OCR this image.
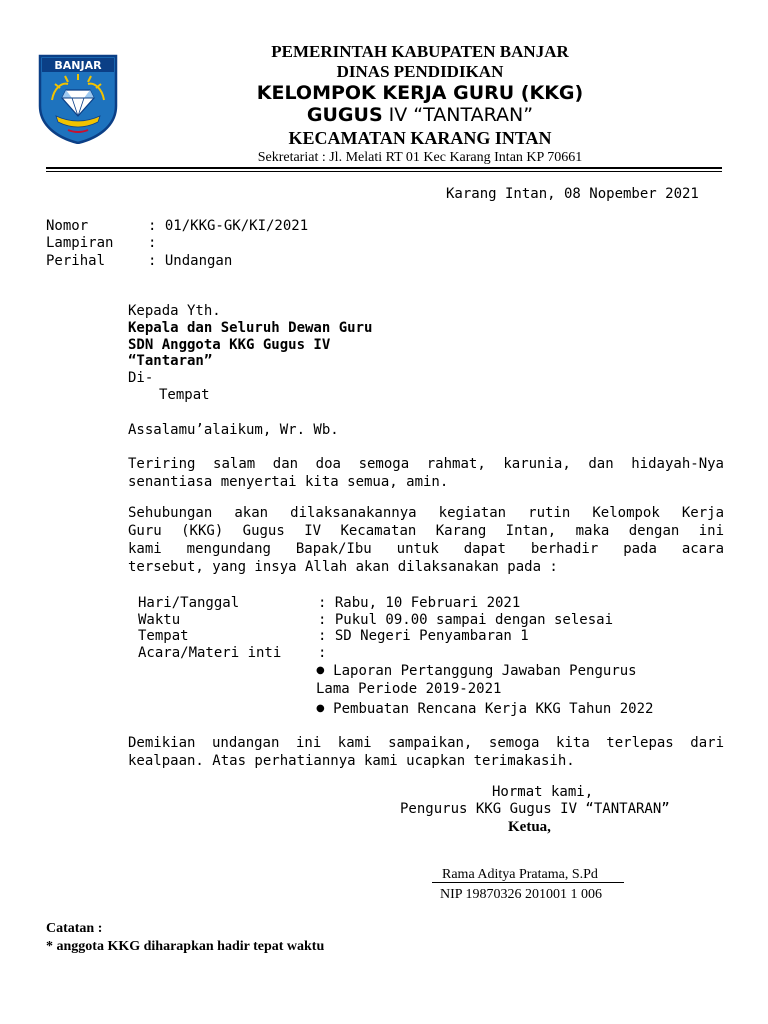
BANJAR
PEMERINTAH KABUPATEN BANJAR
DINAS PENDIDIKAN
KELOMPOK KERJA GURU (KKG)
GUGUS IV “TANTARAN”
KECAMATAN KARANG INTAN
Sekretariat : Jl. Melati RT 01 Kec Karang Intan KP 70661
Karang Intan, 08 Nopember 2021
Nomor	: 01/KKG-GK/KI/2021
Lampiran :
Perihal	: Undangan
Kepada Yth.
Kepala dan Seluruh Dewan Guru
SDN Anggota KKG Gugus IV
“Tantaran”
Di-
Tempat
Assalamu’alaikum, Wr. Wb.
Teriring salam dan doa semoga rahmat, karunia, dan hidayah-Nya
senantiasa menyertai kita semua, amin.
Sehubungan akan dilaksanakannya kegiatan rutin Kelompok Kerja
Guru (KKG) Gugus IV Kecamatan Karang Intan, maka dengan ini
kami mengundang Bapak/Ibu untuk dapat berhadir pada acara
tersebut, yang insya Allah akan dilaksanakan pada :
Hari/Tanggal	: Rabu, 10 Februari 2021
Waktu	: Pukul 09.00 sampai dengan selesai
Tempat	: SD Negeri Penyambaran 1
Acara/Materi inti	:
● Laporan Pertanggung Jawaban Pengurus
Lama Periode 2019-2021
● Pembuatan Rencana Kerja KKG Tahun 2022
Demikian undangan ini kami sampaikan, semoga kita terlepas dari
kealpaan. Atas perhatiannya kami ucapkan terimakasih.
Hormat kami,
Pengurus KKG Gugus IV “TANTARAN”
Ketua,
Rama Aditya Pratama, S.Pd
NIP 19870326 201001 1 006
Catatan :
* anggota KKG diharapkan hadir tepat waktu
